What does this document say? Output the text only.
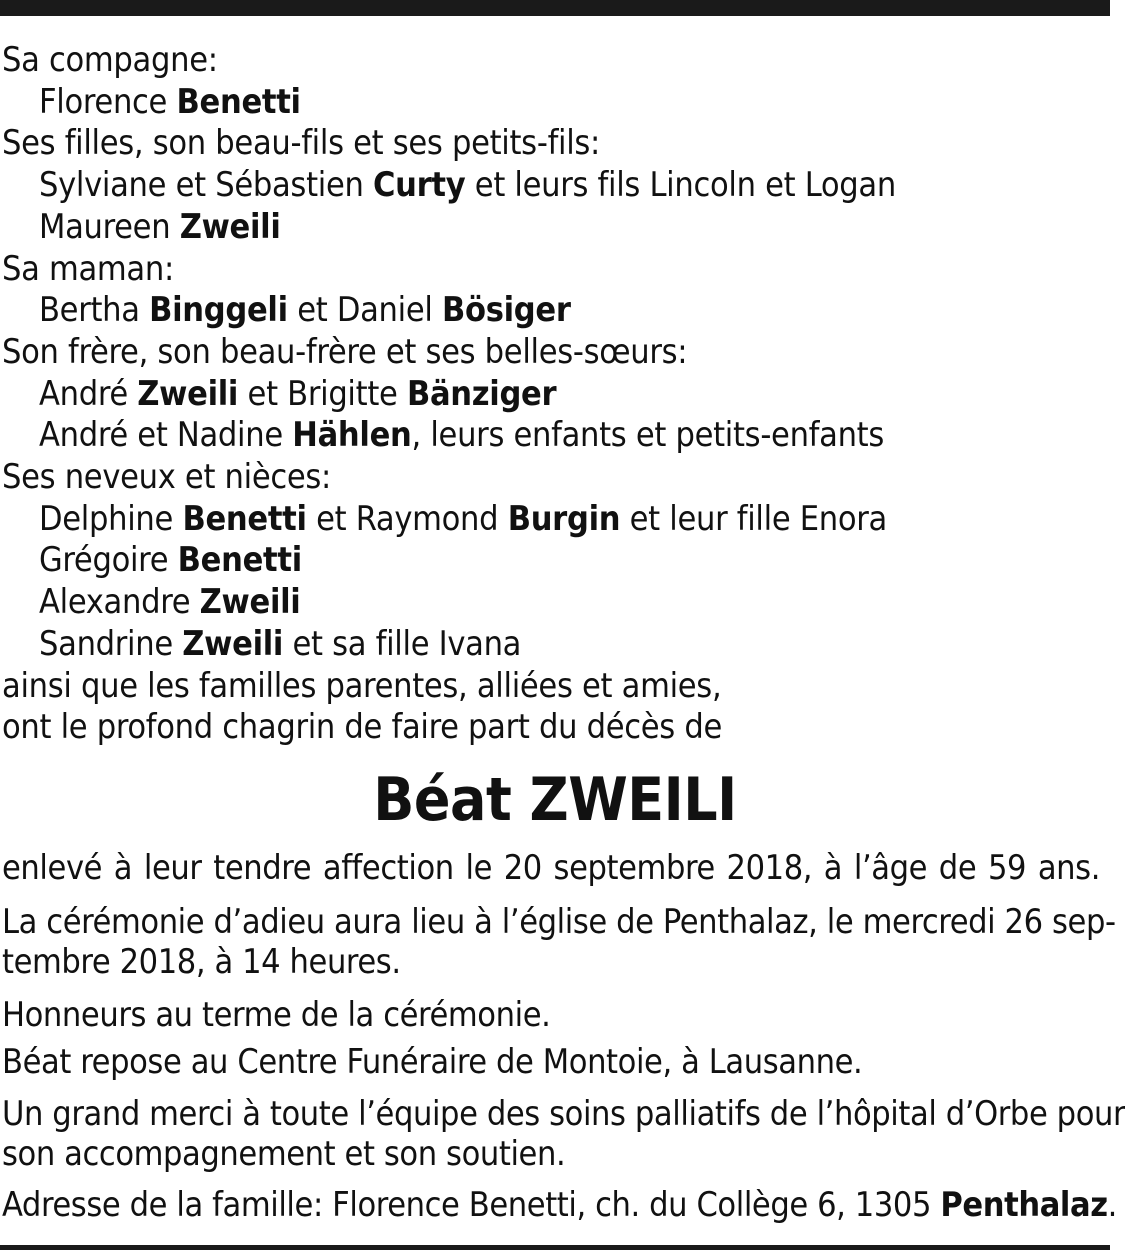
Sa compagne:
Florence Benetti
Ses filles, son beau-fils et ses petits-fils:
Sylviane et Sébastien Curty et leurs fils Lincoln et Logan
Maureen Zweili
Sa maman:
Bertha Binggeli et Daniel Bösiger
Son frère, son beau-frère et ses belles-sœurs:
André Zweili et Brigitte Bänziger
André et Nadine Hählen, leurs enfants et petits-enfants
Ses neveux et nièces:
Delphine Benetti et Raymond Burgin et leur fille Enora
Grégoire Benetti
Alexandre Zweili
Sandrine Zweili et sa fille Ivana
ainsi que les familles parentes, alliées et amies,
ont le profond chagrin de faire part du décès de
Béat ZWEILI
enlevé à leur tendre affection le 20 septembre 2018, à l’âge de 59 ans.
La cérémonie d’adieu aura lieu à l’église de Penthalaz, le mercredi 26 sep-
tembre 2018, à 14 heures.
Honneurs au terme de la cérémonie.
Béat repose au Centre Funéraire de Montoie, à Lausanne.
Un grand merci à toute l’équipe des soins palliatifs de l’hôpital d’Orbe pour
son accompagnement et son soutien.
Adresse de la famille: Florence Benetti, ch. du Collège 6, 1305 Penthalaz.
